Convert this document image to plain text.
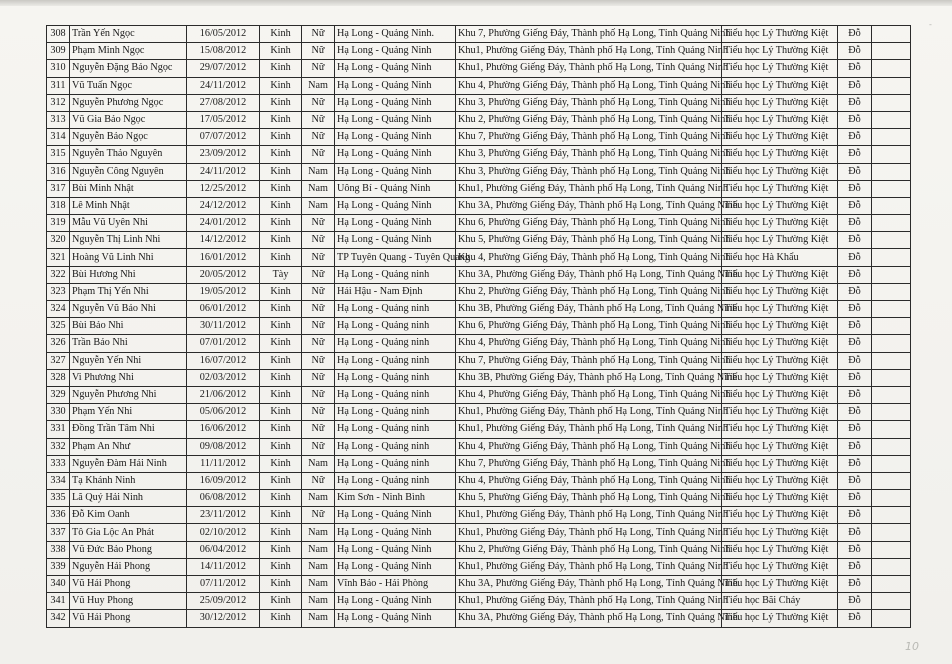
308	Trần Yến Ngọc	16/05/2012	Kinh	Nữ	Hạ Long - Quảng Ninh.	Khu 7, Phường Giếng Đáy, Thành phố Hạ Long, Tỉnh Quảng Ninh	Tiểu học Lý Thường Kiệt	Đỗ	
309	Phạm Minh Ngọc	15/08/2012	Kinh	Nữ	Hạ Long - Quảng Ninh	Khu1, Phường Giếng Đáy, Thành phố Hạ Long, Tỉnh Quảng Ninh	Tiểu học Lý Thường Kiệt	Đỗ	
310	Nguyễn Đặng Bảo Ngọc	29/07/2012	Kinh	Nữ	Hạ Long - Quảng Ninh	Khu1, Phường Giếng Đáy, Thành phố Hạ Long, Tỉnh Quảng Ninh	Tiểu học Lý Thường Kiệt	Đỗ	
311	Vũ Tuấn Ngọc	24/11/2012	Kinh	Nam	Hạ Long - Quảng Ninh	Khu 4, Phường Giếng Đáy, Thành phố Hạ Long, Tỉnh Quảng Ninh	Tiểu học Lý Thường Kiệt	Đỗ	
312	Nguyễn Phương Ngọc	27/08/2012	Kinh	Nữ	Hạ Long - Quảng Ninh	Khu 3, Phường Giếng Đáy, Thành phố Hạ Long, Tỉnh Quảng Ninh	Tiểu học Lý Thường Kiệt	Đỗ	
313	Vũ Gia Bảo Ngọc	17/05/2012	Kinh	Nữ	Hạ Long - Quảng Ninh	Khu 2, Phường Giếng Đáy, Thành phố Hạ Long, Tỉnh Quảng Ninh	Tiểu học Lý Thường Kiệt	Đỗ	
314	Nguyễn Bảo Ngọc	07/07/2012	Kinh	Nữ	Hạ Long - Quảng Ninh	Khu 7, Phường Giếng Đáy, Thành phố Hạ Long, Tỉnh Quảng Ninh	Tiểu học Lý Thường Kiệt	Đỗ	
315	Nguyễn Thảo Nguyên	23/09/2012	Kinh	Nữ	Hạ Long - Quảng Ninh	Khu 3, Phường Giếng Đáy, Thành phố Hạ Long, Tỉnh Quảng Ninh	Tiểu học Lý Thường Kiệt	Đỗ	
316	Nguyễn Công Nguyên	24/11/2012	Kinh	Nam	Hạ Long - Quảng Ninh	Khu 3, Phường Giếng Đáy, Thành phố Hạ Long, Tỉnh Quảng Ninh	Tiểu học Lý Thường Kiệt	Đỗ	
317	Bùi Minh Nhật	12/25/2012	Kinh	Nam	Uông Bí - Quảng Ninh	Khu1, Phường Giếng Đáy, Thành phố Hạ Long, Tỉnh Quảng Ninh	Tiểu học Lý Thường Kiệt	Đỗ	
318	Lê Minh Nhật	24/12/2012	Kinh	Nam	Hạ Long - Quảng Ninh	Khu 3A, Phường Giếng Đáy, Thành phố Hạ Long, Tỉnh Quảng Ninh	Tiểu học Lý Thường Kiệt	Đỗ	
319	Mẫu Vũ Uyên Nhi	24/01/2012	Kinh	Nữ	Hạ Long - Quảng Ninh	Khu 6, Phường Giếng Đáy, Thành phố Hạ Long, Tỉnh Quảng Ninh	Tiểu học Lý Thường Kiệt	Đỗ	
320	Nguyễn Thị Linh Nhi	14/12/2012	Kinh	Nữ	Hạ Long - Quảng Ninh	Khu 5, Phường Giếng Đáy, Thành phố Hạ Long, Tỉnh Quảng Ninh	Tiểu học Lý Thường Kiệt	Đỗ	
321	Hoàng Vũ Linh Nhi	16/01/2012	Kinh	Nữ	TP Tuyên Quang - Tuyên Quang	Khu 4, Phường Giếng Đáy, Thành phố Hạ Long, Tỉnh Quảng Ninh	Tiểu học Hà Khẩu	Đỗ	
322	Bùi Hương Nhi	20/05/2012	Tày	Nữ	Hạ Long - Quảng ninh	Khu 3A, Phường Giếng Đáy, Thành phố Hạ Long, Tỉnh Quảng Ninh	Tiểu học Lý Thường Kiệt	Đỗ	
323	Phạm Thị Yến Nhi	19/05/2012	Kinh	Nữ	Hải Hậu - Nam Định	Khu 2, Phường Giếng Đáy, Thành phố Hạ Long, Tỉnh Quảng Ninh	Tiểu học Lý Thường Kiệt	Đỗ	
324	Nguyễn Vũ Bảo Nhi	06/01/2012	Kinh	Nữ	Hạ Long - Quảng ninh	Khu 3B, Phường Giếng Đáy, Thành phố Hạ Long, Tỉnh Quảng Ninh	Tiểu học Lý Thường Kiệt	Đỗ	
325	Bùi Bảo Nhi	30/11/2012	Kinh	Nữ	Hạ Long - Quảng ninh	Khu 6, Phường Giếng Đáy, Thành phố Hạ Long, Tỉnh Quảng Ninh	Tiểu học Lý Thường Kiệt	Đỗ	
326	Trần Bảo Nhi	07/01/2012	Kinh	Nữ	Hạ Long - Quảng ninh	Khu 4, Phường Giếng Đáy, Thành phố Hạ Long, Tỉnh Quảng Ninh	Tiểu học Lý Thường Kiệt	Đỗ	
327	Nguyễn Yến Nhi	16/07/2012	Kinh	Nữ	Hạ Long - Quảng ninh	Khu 7, Phường Giếng Đáy, Thành phố Hạ Long, Tỉnh Quảng Ninh	Tiểu học Lý Thường Kiệt	Đỗ	
328	Vi Phương Nhi	02/03/2012	Kinh	Nữ	Hạ Long - Quảng ninh	Khu 3B, Phường Giếng Đáy, Thành phố Hạ Long, Tỉnh Quảng Ninh	Tiểu học Lý Thường Kiệt	Đỗ	
329	Nguyễn Phương Nhi	21/06/2012	Kinh	Nữ	Hạ Long - Quảng ninh	Khu 4, Phường Giếng Đáy, Thành phố Hạ Long, Tỉnh Quảng Ninh	Tiểu học Lý Thường Kiệt	Đỗ	
330	Phạm Yến Nhi	05/06/2012	Kinh	Nữ	Hạ Long - Quảng ninh	Khu1, Phường Giếng Đáy, Thành phố Hạ Long, Tỉnh Quảng Ninh	Tiểu học Lý Thường Kiệt	Đỗ	
331	Đồng Trần Tâm Nhi	16/06/2012	Kinh	Nữ	Hạ Long - Quảng ninh	Khu1, Phường Giếng Đáy, Thành phố Hạ Long, Tỉnh Quảng Ninh	Tiểu học Lý Thường Kiệt	Đỗ	
332	Phạm An Như	09/08/2012	Kinh	Nữ	Hạ Long - Quảng ninh	Khu 4, Phường Giếng Đáy, Thành phố Hạ Long, Tỉnh Quảng Ninh	Tiểu học Lý Thường Kiệt	Đỗ	
333	Nguyễn Đàm Hải Ninh	11/11/2012	Kinh	Nam	Hạ Long - Quảng ninh	Khu 7, Phường Giếng Đáy, Thành phố Hạ Long, Tỉnh Quảng Ninh	Tiểu học Lý Thường Kiệt	Đỗ	
334	Tạ Khánh Ninh	16/09/2012	Kinh	Nữ	Hạ Long - Quảng ninh	Khu 4, Phường Giếng Đáy, Thành phố Hạ Long, Tỉnh Quảng Ninh	Tiểu học Lý Thường Kiệt	Đỗ	
335	Lã Quý Hải Ninh	06/08/2012	Kinh	Nam	Kim Sơn - Ninh Bình	Khu 5, Phường Giếng Đáy, Thành phố Hạ Long, Tỉnh Quảng Ninh	Tiểu học Lý Thường Kiệt	Đỗ	
336	Đỗ Kim Oanh	23/11/2012	Kinh	Nữ	Hạ Long - Quảng Ninh	Khu1, Phường Giếng Đáy, Thành phố Hạ Long, Tỉnh Quảng Ninh	Tiểu học Lý Thường Kiệt	Đỗ	
337	Tô Gia Lộc An Phát	02/10/2012	Kinh	Nam	Hạ Long - Quảng Ninh	Khu1, Phường Giếng Đáy, Thành phố Hạ Long, Tỉnh Quảng Ninh	Tiểu học Lý Thường Kiệt	Đỗ	
338	Vũ Đức Bảo Phong	06/04/2012	Kinh	Nam	Hạ Long - Quảng Ninh	Khu 2, Phường Giếng Đáy, Thành phố Hạ Long, Tỉnh Quảng Ninh	Tiểu học Lý Thường Kiệt	Đỗ	
339	Nguyễn Hải Phong	14/11/2012	Kinh	Nam	Hạ Long - Quảng Ninh	Khu1, Phường Giếng Đáy, Thành phố Hạ Long, Tỉnh Quảng Ninh	Tiểu học Lý Thường Kiệt	Đỗ	
340	Vũ Hải Phong	07/11/2012	Kinh	Nam	Vĩnh Bảo - Hải Phòng	Khu 3A, Phường Giếng Đáy, Thành phố Hạ Long, Tỉnh Quảng Ninh	Tiểu học Lý Thường Kiệt	Đỗ	
341	Vũ Huy Phong	25/09/2012	Kinh	Nam	Hạ Long - Quảng Ninh	Khu1, Phường Giếng Đáy, Thành phố Hạ Long, Tỉnh Quảng Ninh	Tiểu học Bãi Cháy	Đỗ	
342	Vũ Hải Phong	30/12/2012	Kinh	Nam	Hạ Long - Quảng Ninh	Khu 3A, Phường Giếng Đáy, Thành phố Hạ Long, Tỉnh Quảng Ninh	Tiểu học Lý Thường Kiệt	Đỗ	
-
10
